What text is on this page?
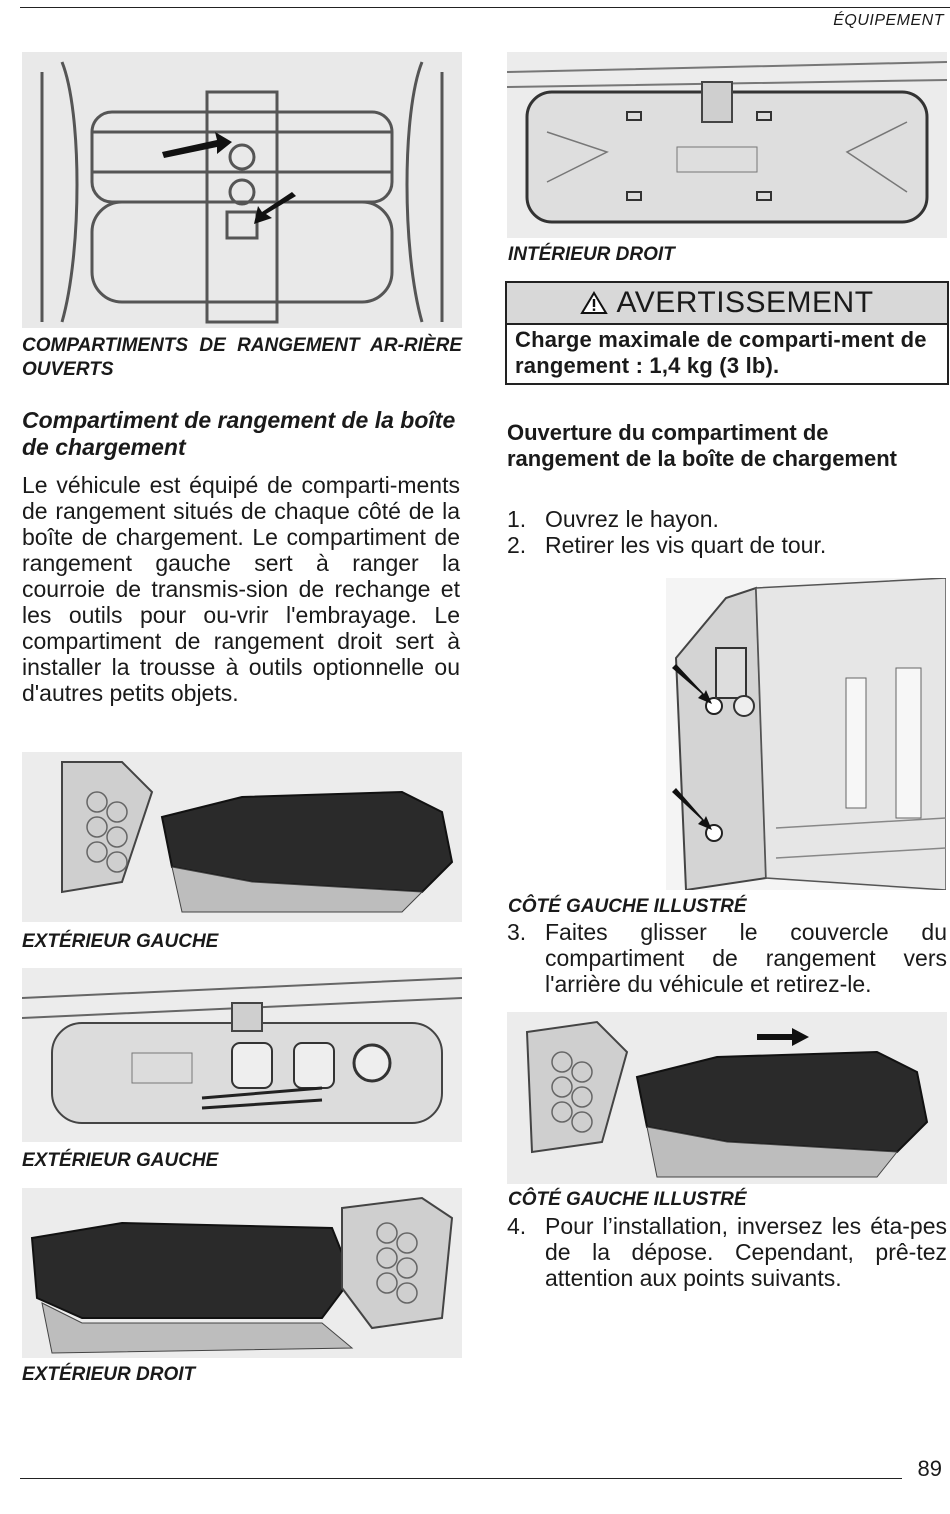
ÉQUIPEMENT
COMPARTIMENTS DE RANGEMENT AR-RIÈRE OUVERTS
Compartiment de rangement de la boîte de chargement
Le véhicule est équipé de comparti-ments de rangement situés de chaque côté de la boîte de chargement. Le compartiment de rangement gauche sert à ranger la courroie de transmis-sion de rechange et les outils pour ou-vrir l'embrayage. Le compartiment de rangement droit sert à installer la trousse à outils optionnelle ou d'autres petits objets.
EXTÉRIEUR GAUCHE
EXTÉRIEUR GAUCHE
EXTÉRIEUR DROIT
INTÉRIEUR DROIT
AVERTISSEMENT
Charge maximale de comparti-ment de rangement : 1,4 kg (3 lb).
Ouverture du compartiment de rangement de la boîte de chargement
1. Ouvrez le hayon.
2. Retirer les vis quart de tour.
CÔTÉ GAUCHE ILLUSTRÉ
3. Faites glisser le couvercle du compartiment de rangement vers l'arrière du véhicule et retirez-le.
CÔTÉ GAUCHE ILLUSTRÉ
4. Pour l’installation, inversez les éta-pes de la dépose. Cependant, prê-tez attention aux points suivants.
89
